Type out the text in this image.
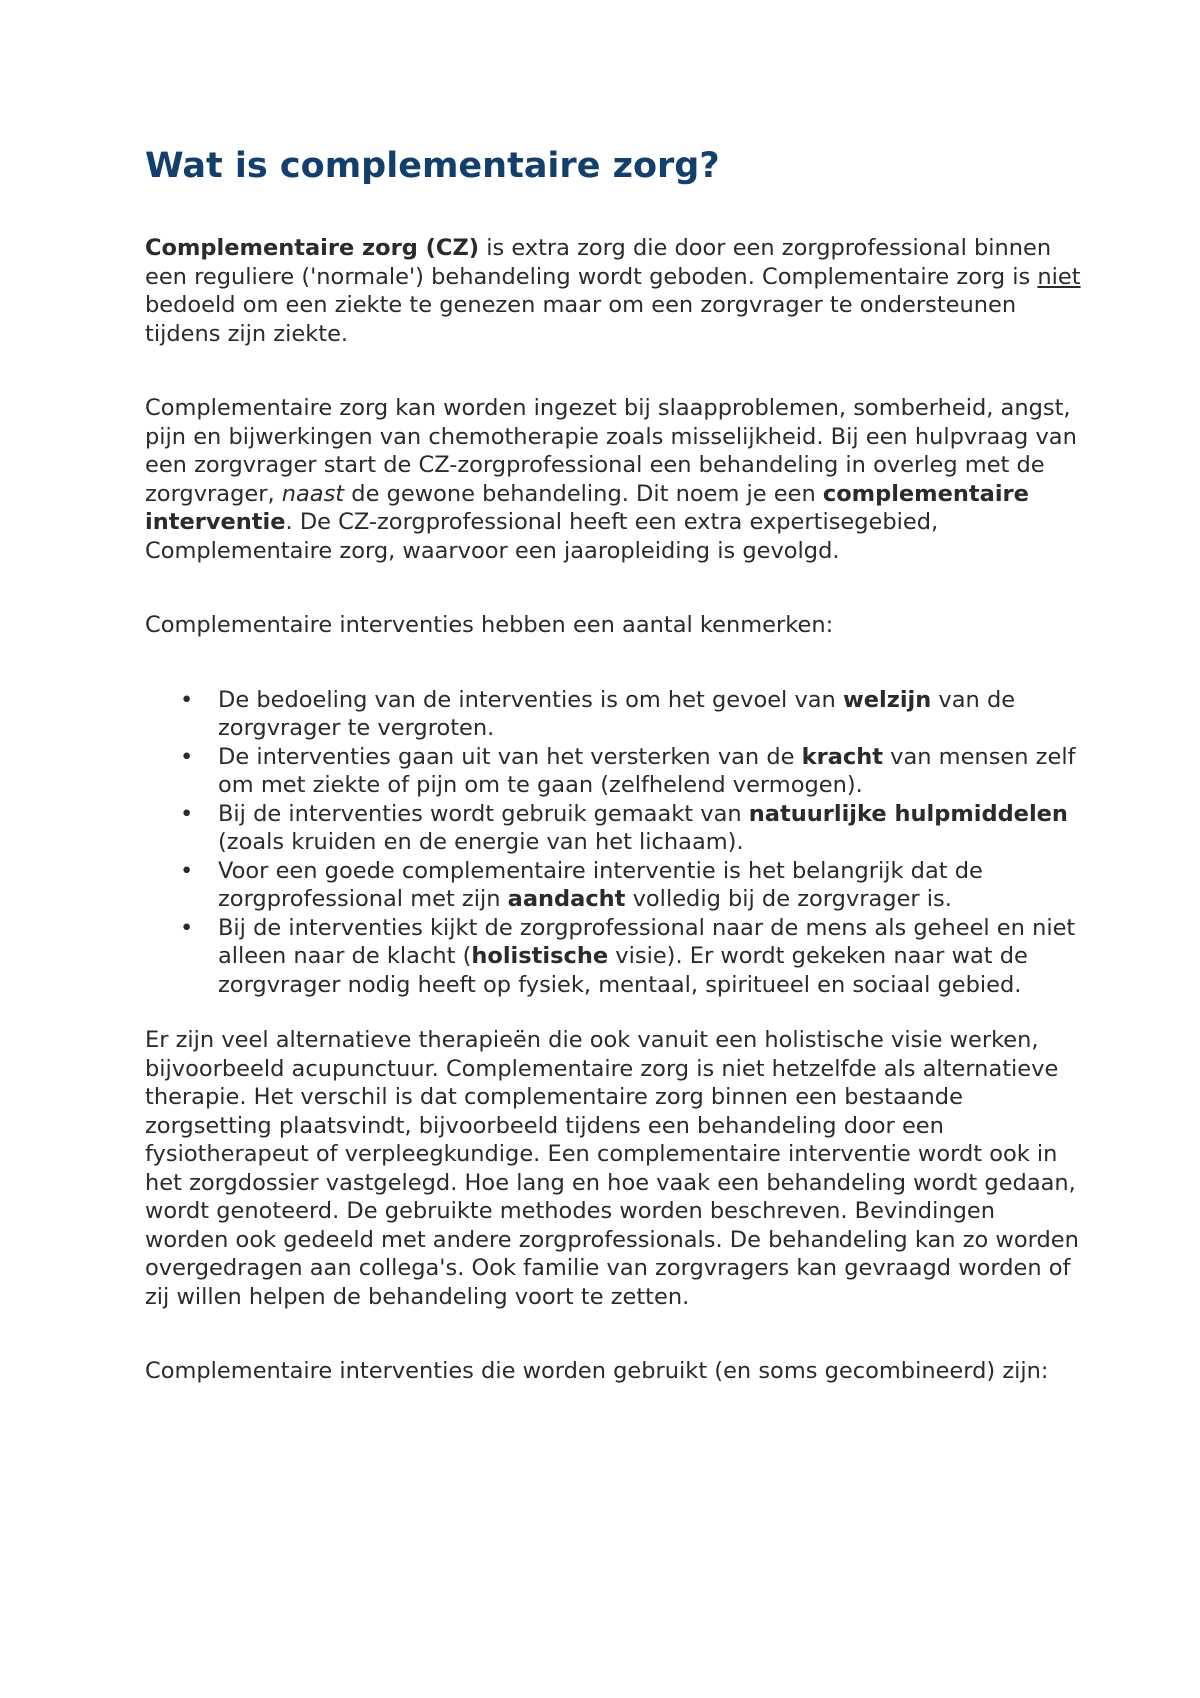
Wat is complementaire zorg?

Complementaire zorg (CZ) is extra zorg die door een zorgprofessional binnen een reguliere ('normale') behandeling wordt geboden. Complementaire zorg is niet bedoeld om een ziekte te genezen maar om een zorgvrager te ondersteunen tijdens zijn ziekte.

Complementaire zorg kan worden ingezet bij slaapproblemen, somberheid, angst, pijn en bijwerkingen van chemotherapie zoals misselijkheid. Bij een hulpvraag van een zorgvrager start de CZ-zorgprofessional een behandeling in overleg met de zorgvrager, naast de gewone behandeling. Dit noem je een complementaire interventie. De CZ-zorgprofessional heeft een extra expertisegebied, Complementaire zorg, waarvoor een jaaropleiding is gevolgd.

Complementaire interventies hebben een aantal kenmerken:

• De bedoeling van de interventies is om het gevoel van welzijn van de zorgvrager te vergroten.
• De interventies gaan uit van het versterken van de kracht van mensen zelf om met ziekte of pijn om te gaan (zelfhelend vermogen).
• Bij de interventies wordt gebruik gemaakt van natuurlijke hulpmiddelen (zoals kruiden en de energie van het lichaam).
• Voor een goede complementaire interventie is het belangrijk dat de zorgprofessional met zijn aandacht volledig bij de zorgvrager is.
• Bij de interventies kijkt de zorgprofessional naar de mens als geheel en niet alleen naar de klacht (holistische visie). Er wordt gekeken naar wat de zorgvrager nodig heeft op fysiek, mentaal, spiritueel en sociaal gebied.

Er zijn veel alternatieve therapieën die ook vanuit een holistische visie werken, bijvoorbeeld acupunctuur. Complementaire zorg is niet hetzelfde als alternatieve therapie. Het verschil is dat complementaire zorg binnen een bestaande zorgsetting plaatsvindt, bijvoorbeeld tijdens een behandeling door een fysiotherapeut of verpleegkundige. Een complementaire interventie wordt ook in het zorgdossier vastgelegd. Hoe lang en hoe vaak een behandeling wordt gedaan, wordt genoteerd. De gebruikte methodes worden beschreven. Bevindingen worden ook gedeeld met andere zorgprofessionals. De behandeling kan zo worden overgedragen aan collega's. Ook familie van zorgvragers kan gevraagd worden of zij willen helpen de behandeling voort te zetten.

Complementaire interventies die worden gebruikt (en soms gecombineerd) zijn:
